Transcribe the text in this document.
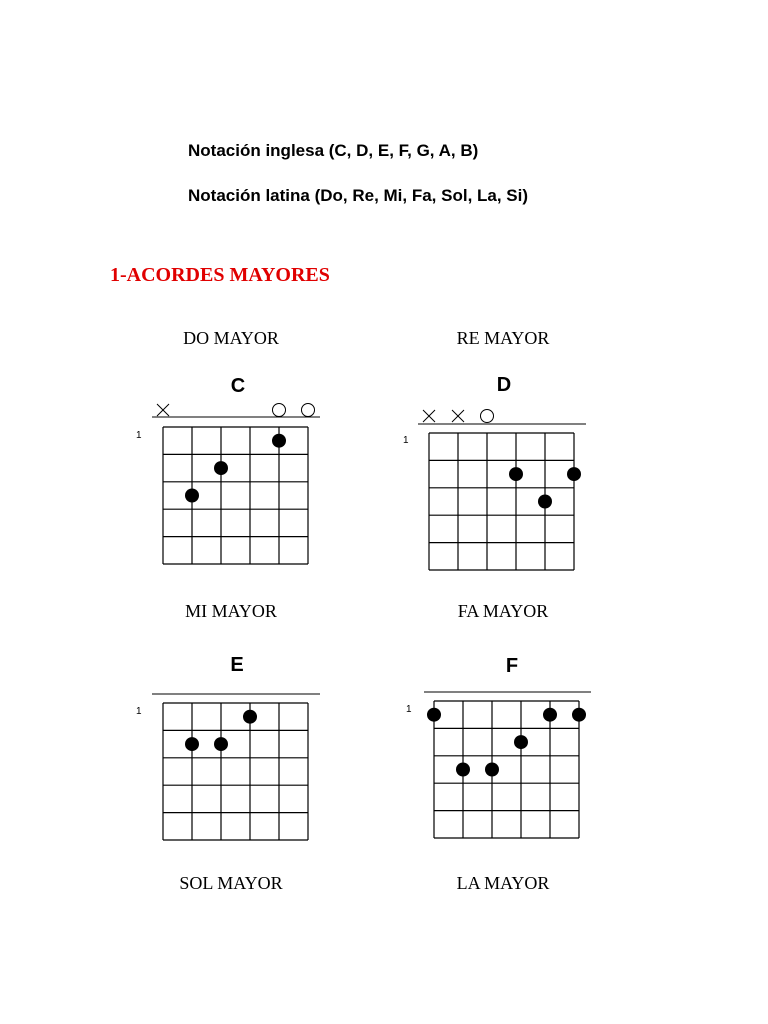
Notación inglesa (C, D, E, F, G, A, B)
Notación latina (Do, Re, Mi, Fa, Sol, La, Si)
1-ACORDES MAYORES
DO MAYOR	RE MAYOR
MI MAYOR	FA MAYOR
SOL MAYOR	LA MAYOR
C
1
D
1
E
1
F
1
